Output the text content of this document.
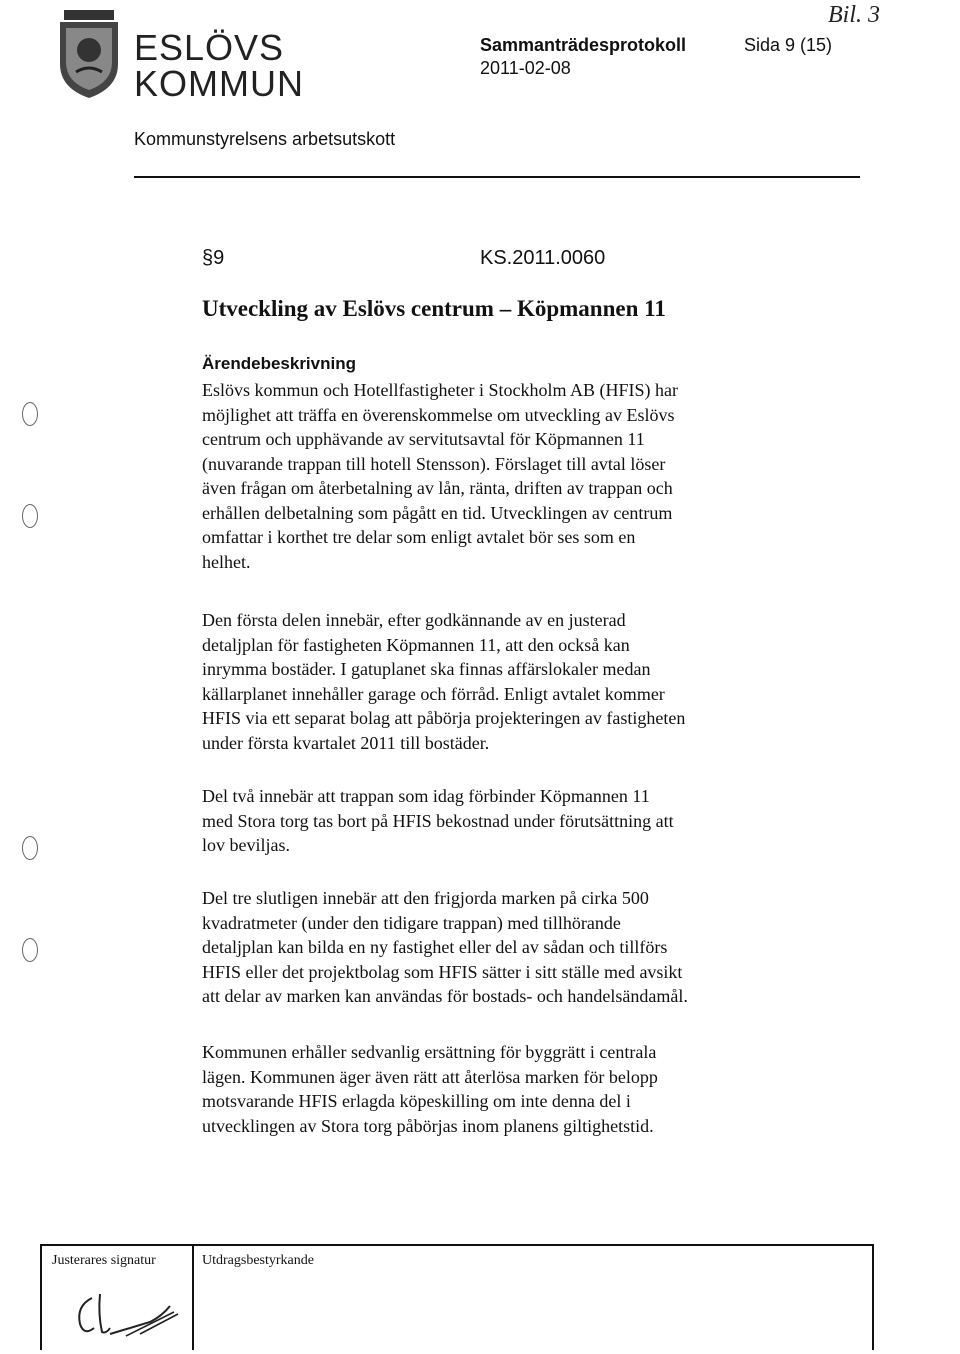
ESLÖVS
KOMMUN
Sammanträdesprotokoll	Sida 9 (15)
2011-02-08
Bil. 3
Kommunstyrelsens arbetsutskott
§9	KS.2011.0060
Utveckling av Eslövs centrum – Köpmannen 11
Ärendebeskrivning
Eslövs kommun och Hotellfastigheter i Stockholm AB (HFIS) har
möjlighet att träffa en överenskommelse om utveckling av Eslövs
centrum och upphävande av servitutsavtal för Köpmannen 11
(nuvarande trappan till hotell Stensson). Förslaget till avtal löser
även frågan om återbetalning av lån, ränta, driften av trappan och
erhållen delbetalning som pågått en tid. Utvecklingen av centrum
omfattar i korthet tre delar som enligt avtalet bör ses som en
helhet.
Den första delen innebär, efter godkännande av en justerad
detaljplan för fastigheten Köpmannen 11, att den också kan
inrymma bostäder. I gatuplanet ska finnas affärslokaler medan
källarplanet innehåller garage och förråd. Enligt avtalet kommer
HFIS via ett separat bolag att påbörja projekteringen av fastigheten
under första kvartalet 2011 till bostäder.
Del två innebär att trappan som idag förbinder Köpmannen 11
med Stora torg tas bort på HFIS bekostnad under förutsättning att
lov beviljas.
Del tre slutligen innebär att den frigjorda marken på cirka 500
kvadratmeter (under den tidigare trappan) med tillhörande
detaljplan kan bilda en ny fastighet eller del av sådan och tillförs
HFIS eller det projektbolag som HFIS sätter i sitt ställe med avsikt
att delar av marken kan användas för bostads- och handelsändamål.
Kommunen erhåller sedvanlig ersättning för byggrätt i centrala
lägen. Kommunen äger även rätt att återlösa marken för belopp
motsvarande HFIS erlagda köpeskilling om inte denna del i
utvecklingen av Stora torg påbörjas inom planens giltighetstid.
Justerares signatur	Utdragsbestyrkande
